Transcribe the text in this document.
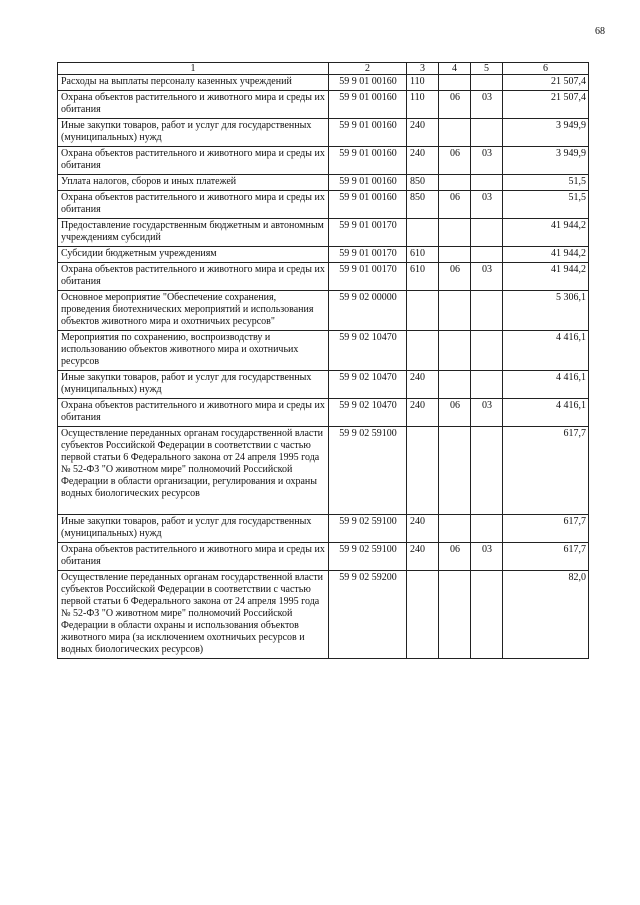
68
1	2	3	4	5	6
Расходы на выплаты персоналу казенных учреждений	59 9 01 00160	110			21 507,4
Охрана объектов растительного и животного мира и среды их обитания	59 9 01 00160	110	06	03	21 507,4
Иные закупки товаров, работ и услуг для государственных (муниципальных) нужд	59 9 01 00160	240			3 949,9
Охрана объектов растительного и животного мира и среды их обитания	59 9 01 00160	240	06	03	3 949,9
Уплата налогов, сборов и иных платежей	59 9 01 00160	850			51,5
Охрана объектов растительного и животного мира и среды их обитания	59 9 01 00160	850	06	03	51,5
Предоставление государственным бюджетным и автономным учреждениям субсидий	59 9 01 00170				41 944,2
Субсидии бюджетным учреждениям	59 9 01 00170	610			41 944,2
Охрана объектов растительного и животного мира и среды их обитания	59 9 01 00170	610	06	03	41 944,2
Основное мероприятие "Обеспечение сохранения, проведения биотехнических мероприятий и использования объектов животного мира и охотничьих ресурсов"	59 9 02 00000				5 306,1
Мероприятия по сохранению, воспроизводству и использованию объектов животного мира и охотничьих ресурсов	59 9 02 10470				4 416,1
Иные закупки товаров, работ и услуг для государственных (муниципальных) нужд	59 9 02 10470	240			4 416,1
Охрана объектов растительного и животного мира и среды их обитания	59 9 02 10470	240	06	03	4 416,1
Осуществление переданных органам государственной власти субъектов Российской Федерации в соответствии с частью первой статьи 6 Федерального закона от 24 апреля 1995 года № 52-ФЗ "О животном мире" полномочий Российской Федерации в области организации, регулирования и охраны водных биологических ресурсов	59 9 02 59100				617,7
Иные закупки товаров, работ и услуг для государственных (муниципальных) нужд	59 9 02 59100	240			617,7
Охрана объектов растительного и животного мира и среды их обитания	59 9 02 59100	240	06	03	617,7
Осуществление переданных органам государственной власти субъектов Российской Федерации в соответствии с частью первой статьи 6 Федерального закона от 24 апреля 1995 года № 52-ФЗ "О животном мире" полномочий Российской Федерации в области охраны и использования объектов животного мира (за исключением охотничьих ресурсов и водных биологических ресурсов)	59 9 02 59200				82,0
